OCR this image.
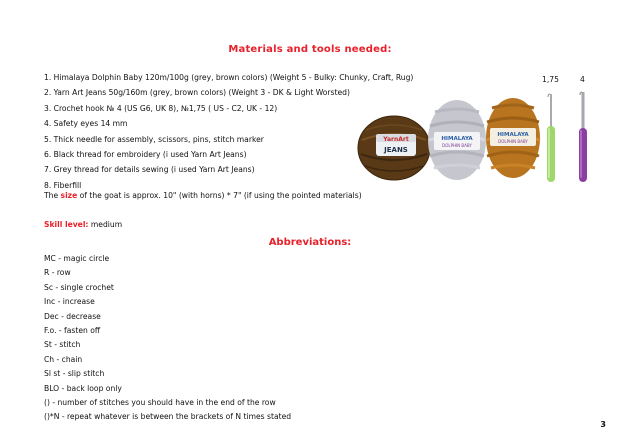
Materials and tools needed:
1. Himalaya Dolphin Baby 120m/100g (grey, brown colors) (Weight 5 - Bulky: Chunky, Craft, Rug)
2. Yarn Art Jeans 50g/160m (grey, brown colors) (Weight 3 - DK & Light Worsted)
3. Crochet hook № 4 (US G6, UK 8), №1,75 ( US - C2, UK - 12)
4. Safety eyes 14 mm
5. Thick needle for assembly, scissors, pins, stitch marker
6. Black thread for embroidery (i used Yarn Art Jeans)
7. Grey thread for details sewing (i used Yarn Art Jeans)
8. Fiberfill
The size of the goat is approx. 10" (with horns) * 7" (if using the pointed materials)
Skill level: medium
Abbreviations:
MC - magic circle
R - row
Sc - single crochet
Inc - increase
Dec - decrease
F.o. - fasten off
St - stitch
Ch - chain
Sl st - slip stitch
BLO - back loop only
() - number of stitches you should have in the end of the row
()*N - repeat whatever is between the brackets of N times stated
YarnArt
JEANS
HIMALAYA
DOLPHIN BABY
HIMALAYA
DOLPHIN BABY
1,75	4
3
